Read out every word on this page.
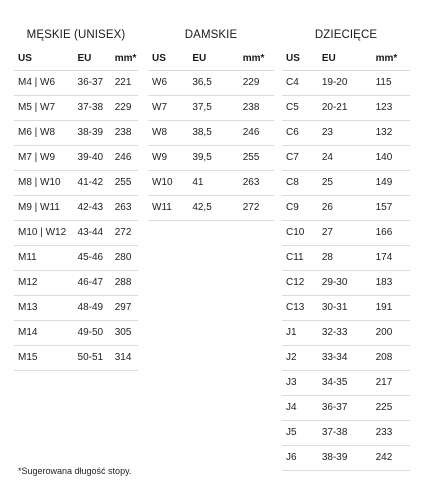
MĘSKIE (UNISEX)
US	EU	mm*
M4 | W6	36-37	221
M5 | W7	37-38	229
M6 | W8	38-39	238
M7 | W9	39-40	246
M8 | W10	41-42	255
M9 | W11	42-43	263
M10 | W12	43-44	272
M11	45-46	280
M12	46-47	288
M13	48-49	297
M14	49-50	305
M15	50-51	314
DAMSKIE
US	EU	mm*
W6	36,5	229
W7	37,5	238
W8	38,5	246
W9	39,5	255
W10	41	263
W11	42,5	272
DZIECIĘCE
US	EU	mm*
C4	19-20	115
C5	20-21	123
C6	23	132
C7	24	140
C8	25	149
C9	26	157
C10	27	166
C11	28	174
C12	29-30	183
C13	30-31	191
J1	32-33	200
J2	33-34	208
J3	34-35	217
J4	36-37	225
J5	37-38	233
J6	38-39	242
*Sugerowana długość stopy.
